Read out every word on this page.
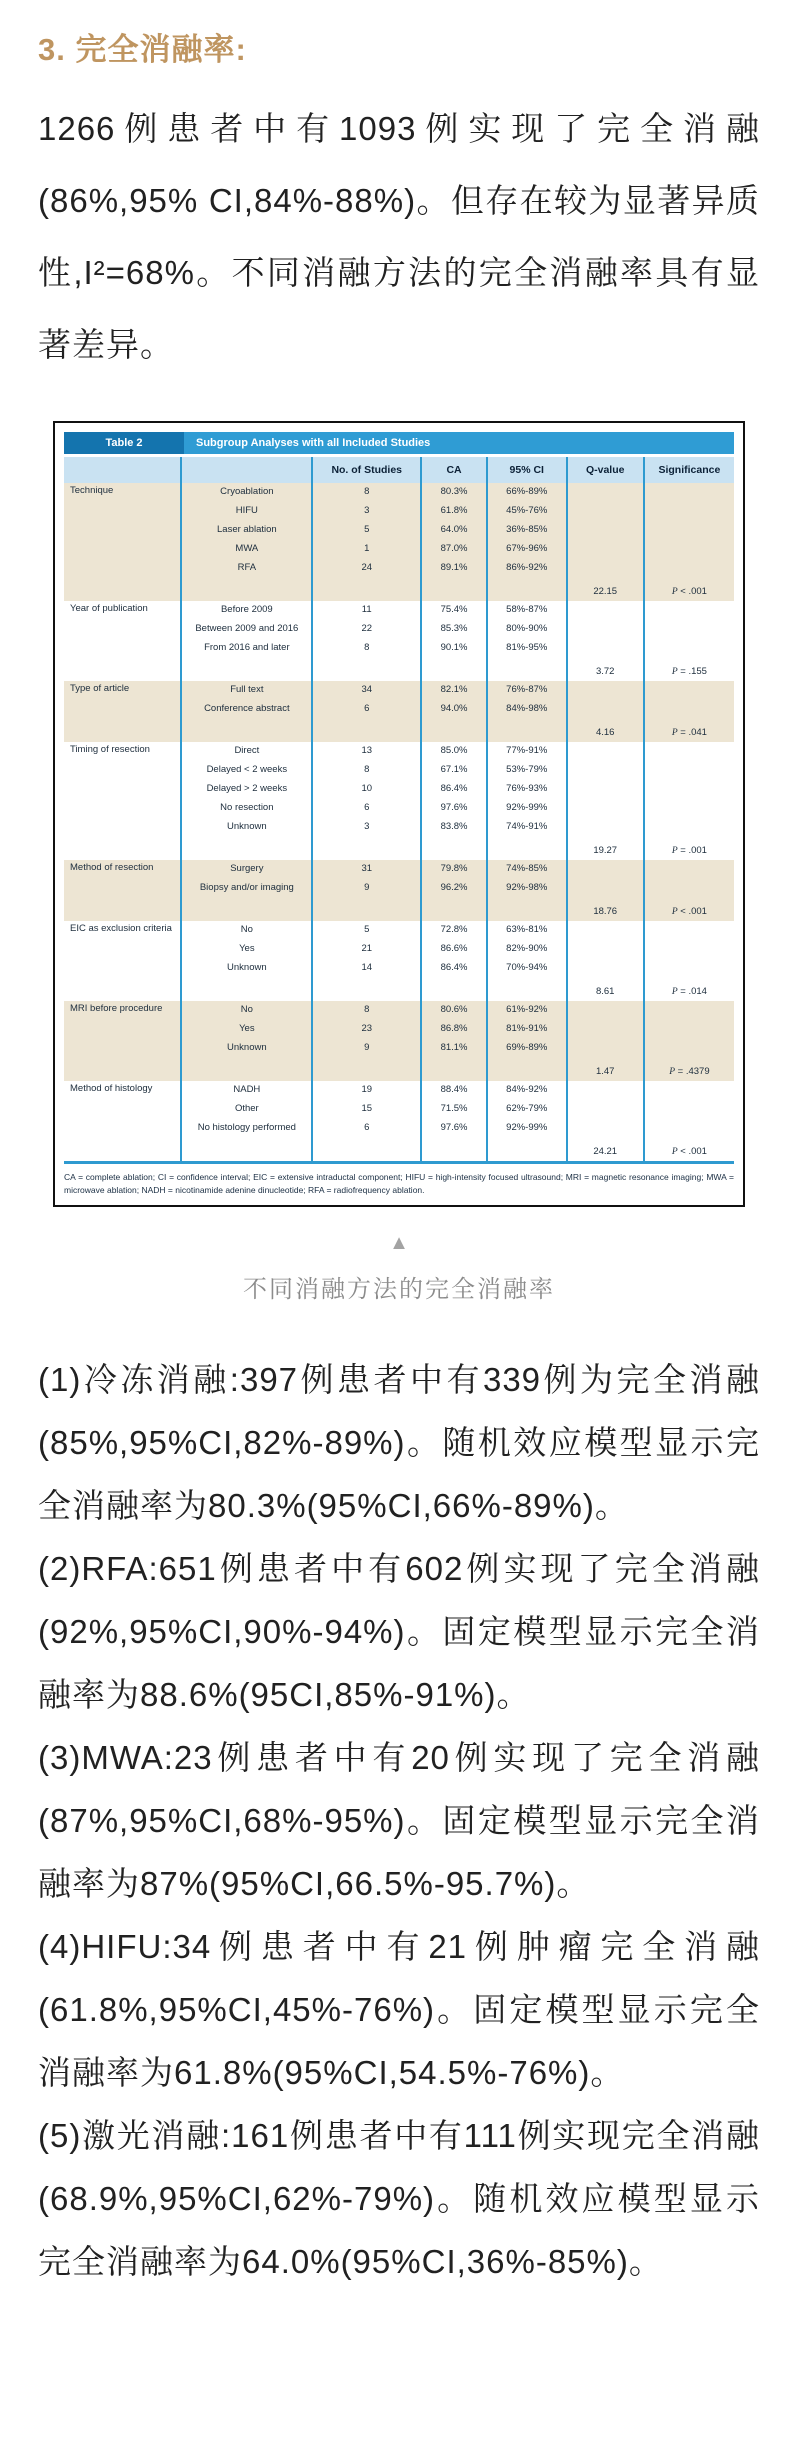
3. 完全消融率:

1266例患者中有1093例实现了完全消融(86%,95% CI,84%-88%)。但存在较为显著异质性,I²=68%。不同消融方法的完全消融率具有显著差异。

Table 2	Subgroup Analyses with all Included Studies
		No. of Studies	CA	95% CI	Q-value	Significance
Technique	Cryoablation	8	80.3%	66%-89%		
	HIFU	3	61.8%	45%-76%		
	Laser ablation	5	64.0%	36%-85%		
	MWA	1	87.0%	67%-96%		
	RFA	24	89.1%	86%-92%		
					22.15	P < .001
Year of publication	Before 2009	11	75.4%	58%-87%		
	Between 2009 and 2016	22	85.3%	80%-90%		
	From 2016 and later	8	90.1%	81%-95%		
					3.72	P = .155
Type of article	Full text	34	82.1%	76%-87%		
	Conference abstract	6	94.0%	84%-98%		
					4.16	P = .041
Timing of resection	Direct	13	85.0%	77%-91%		
	Delayed < 2 weeks	8	67.1%	53%-79%		
	Delayed > 2 weeks	10	86.4%	76%-93%		
	No resection	6	97.6%	92%-99%		
	Unknown	3	83.8%	74%-91%		
					19.27	P = .001
Method of resection	Surgery	31	79.8%	74%-85%		
	Biopsy and/or imaging	9	96.2%	92%-98%		
					18.76	P < .001
EIC as exclusion criteria	No	5	72.8%	63%-81%		
	Yes	21	86.6%	82%-90%		
	Unknown	14	86.4%	70%-94%		
					8.61	P = .014
MRI before procedure	No	8	80.6%	61%-92%		
	Yes	23	86.8%	81%-91%		
	Unknown	9	81.1%	69%-89%		
					1.47	P = .4379
Method of histology	NADH	19	88.4%	84%-92%		
	Other	15	71.5%	62%-79%		
	No histology performed	6	97.6%	92%-99%		
					24.21	P < .001
CA = complete ablation; CI = confidence interval; EIC = extensive intraductal component; HIFU = high-intensity focused ultrasound; MRI = magnetic resonance imaging; MWA = microwave ablation; NADH = nicotinamide adenine dinucleotide; RFA = radiofrequency ablation.
▲
不同消融方法的完全消融率

(1)冷冻消融:397例患者中有339例为完全消融(85%,95%CI,82%-89%)。随机效应模型显示完全消融率为80.3%(95%CI,66%-89%)。

(2)RFA:651例患者中有602例实现了完全消融(92%,95%CI,90%-94%)。固定模型显示完全消融率为88.6%(95CI,85%-91%)。

(3)MWA:23例患者中有20例实现了完全消融(87%,95%CI,68%-95%)。固定模型显示完全消融率为87%(95%CI,66.5%-95.7%)。

(4)HIFU:34例患者中有21例肿瘤完全消融(61.8%,95%CI,45%-76%)。固定模型显示完全消融率为61.8%(95%CI,54.5%-76%)。

(5)激光消融:161例患者中有111例实现完全消融(68.9%,95%CI,62%-79%)。随机效应模型显示完全消融率为64.0%(95%CI,36%-85%)。
